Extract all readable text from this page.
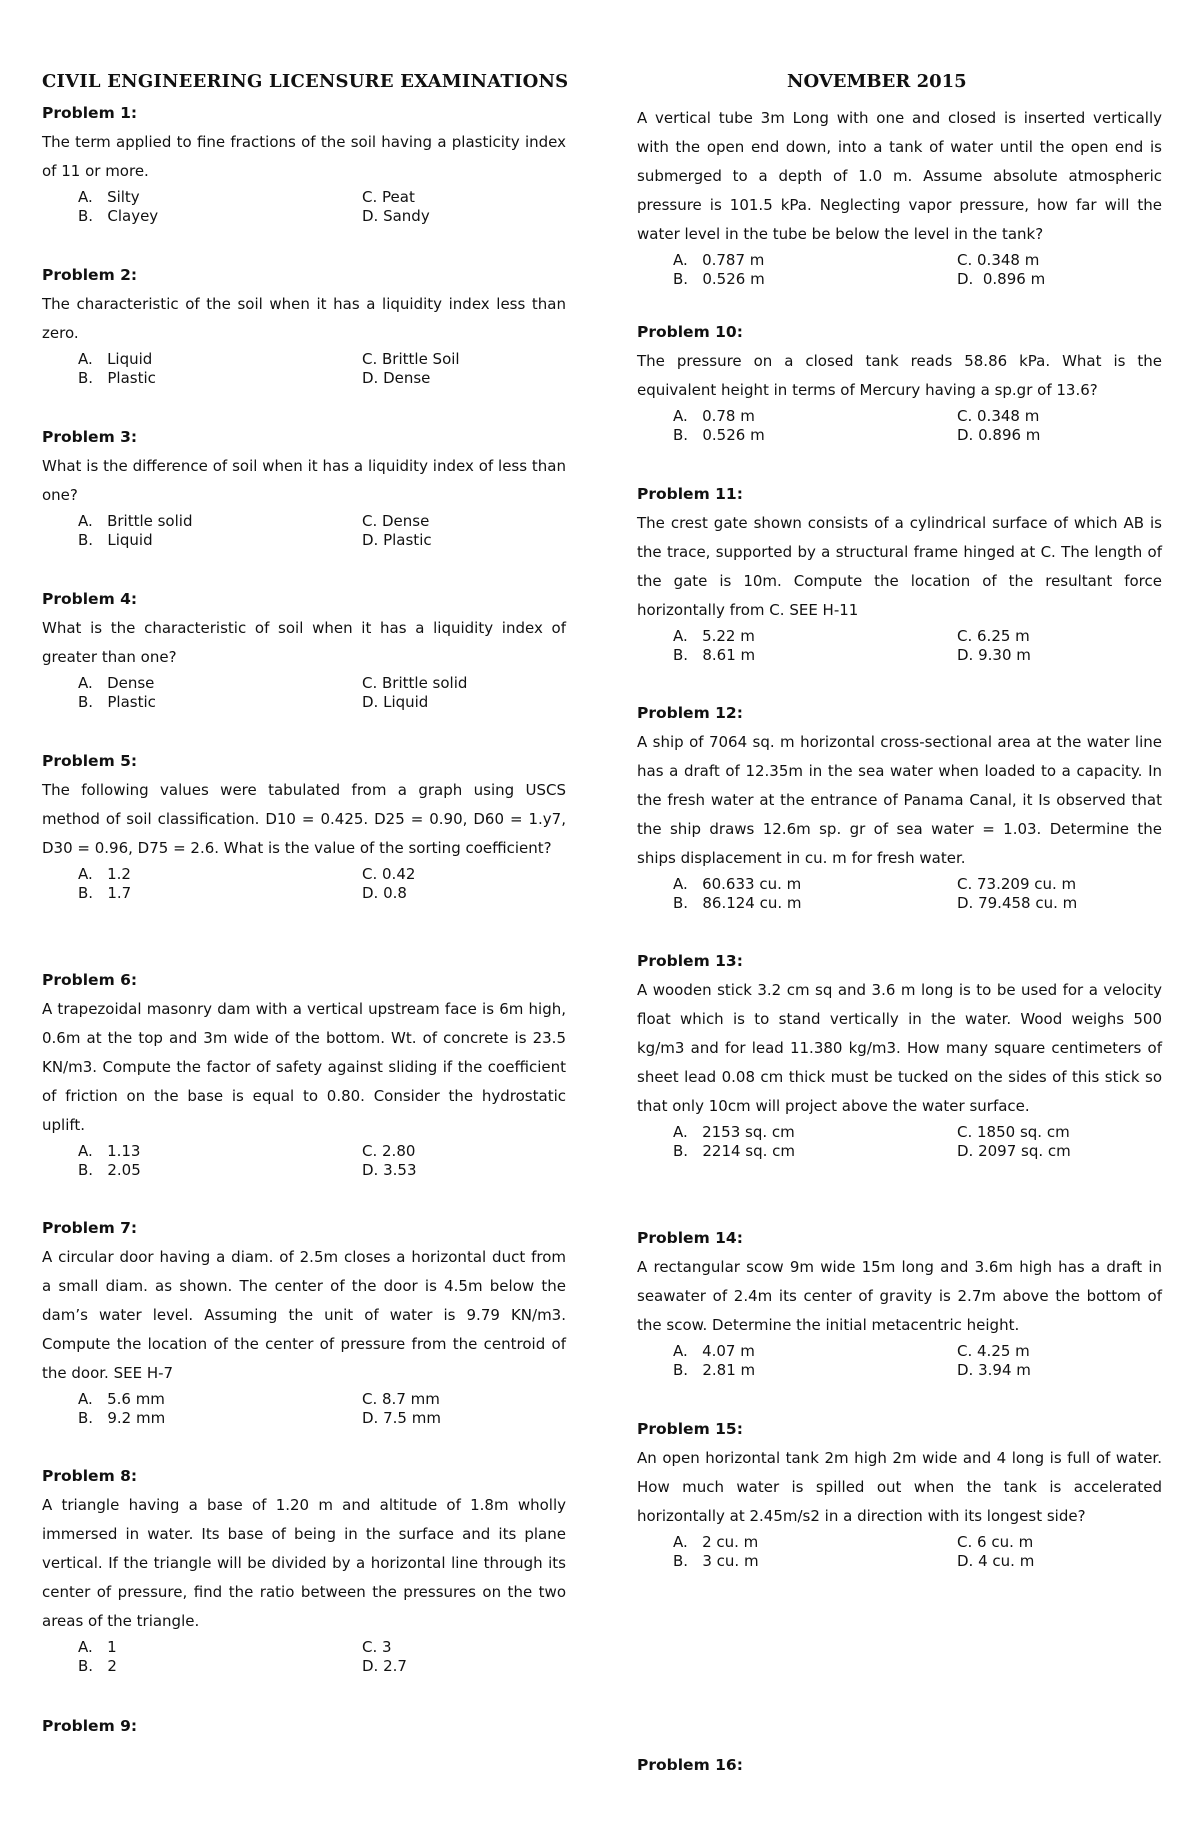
CIVIL ENGINEERING LICENSURE EXAMINATIONS	NOVEMBER 2015
Problem 1:
The term applied to fine fractions of the soil having a plasticity index of 11 or more.
A.   Silty	C. Peat
B.   Clayey	D. Sandy
Problem 2:
The characteristic of the soil when it has a liquidity index less than zero.
A.   Liquid	C. Brittle Soil
B.   Plastic	D. Dense
Problem 3:
What is the difference of soil when it has a liquidity index of less than one?
A.   Brittle solid	C. Dense
B.   Liquid	D. Plastic
Problem 4:
What is the characteristic of soil when it has a liquidity index of greater than one?
A.   Dense	C. Brittle solid
B.   Plastic	D. Liquid
Problem 5:
The following values were tabulated from a graph using USCS method of soil classification. D10 = 0.425. D25 = 0.90, D60 = 1.y7, D30 = 0.96, D75 = 2.6. What is the value of the sorting coefficient?
A.   1.2	C. 0.42
B.   1.7	D. 0.8
Problem 6:
A trapezoidal masonry dam with a vertical upstream face is 6m high, 0.6m at the top and 3m wide of the bottom. Wt. of concrete is 23.5 KN/m3. Compute the factor of safety against sliding if the coefficient of friction on the base is equal to 0.80. Consider the hydrostatic uplift.
A.   1.13	C. 2.80
B.   2.05	D. 3.53
Problem 7:
A circular door having a diam. of 2.5m closes a horizontal duct from a small diam. as shown. The center of the door is 4.5m below the dam’s water level. Assuming the unit of water is 9.79 KN/m3. Compute the location of the center of pressure from the centroid of the door. SEE H-7
A.   5.6 mm	C. 8.7 mm
B.   9.2 mm	D. 7.5 mm
Problem 8:
A triangle having a base of 1.20 m and altitude of 1.8m wholly immersed in water. Its base of being in the surface and its plane vertical. If the triangle will be divided by a horizontal line through its center of pressure, find the ratio between the pressures on the two areas of the triangle.
A.   1	C. 3
B.   2	D. 2.7
A vertical tube 3m Long with one and closed is inserted vertically with the open end down, into a tank of water until the open end is submerged to a depth of 1.0 m. Assume absolute atmospheric pressure is 101.5 kPa. Neglecting vapor pressure, how far will the water level in the tube be below the level in the tank?
A.   0.787 m	C. 0.348 m
B.   0.526 m	D.  0.896 m
Problem 10:
The pressure on a closed tank reads 58.86 kPa. What is the equivalent height in terms of Mercury having a sp.gr of 13.6?
A.   0.78 m	C. 0.348 m
B.   0.526 m	D. 0.896 m
Problem 11:
The crest gate shown consists of a cylindrical surface of which AB is the trace, supported by a structural frame hinged at C. The length of the gate is 10m. Compute the location of the resultant force horizontally from C. SEE H-11
A.   5.22 m	C. 6.25 m
B.   8.61 m	D. 9.30 m
Problem 12:
A ship of 7064 sq. m horizontal cross-sectional area at the water line has a draft of 12.35m in the sea water when loaded to a capacity. In the fresh water at the entrance of Panama Canal, it Is observed that the ship draws 12.6m sp. gr of sea water = 1.03. Determine the ships displacement in cu. m for fresh water.
A.   60.633 cu. m	C. 73.209 cu. m
B.   86.124 cu. m	D. 79.458 cu. m
Problem 13:
A wooden stick 3.2 cm sq and 3.6 m long is to be used for a velocity float which is to stand vertically in the water. Wood weighs 500 kg/m3 and for lead 11.380 kg/m3. How many square centimeters of sheet lead 0.08 cm thick must be tucked on the sides of this stick so that only 10cm will project above the water surface.
A.   2153 sq. cm	C. 1850 sq. cm
B.   2214 sq. cm	D. 2097 sq. cm
Problem 14:
A rectangular scow 9m wide 15m long and 3.6m high has a draft in seawater of 2.4m its center of gravity is 2.7m above the bottom of the scow. Determine the initial metacentric height.
A.   4.07 m	C. 4.25 m
B.   2.81 m	D. 3.94 m
Problem 15:
An open horizontal tank 2m high 2m wide and 4 long is full of water. How much water is spilled out when the tank is accelerated horizontally at 2.45m/s2 in a direction with its longest side?
A.   2 cu. m	C. 6 cu. m
B.   3 cu. m	D. 4 cu. m
Problem 9:
Problem 16:
